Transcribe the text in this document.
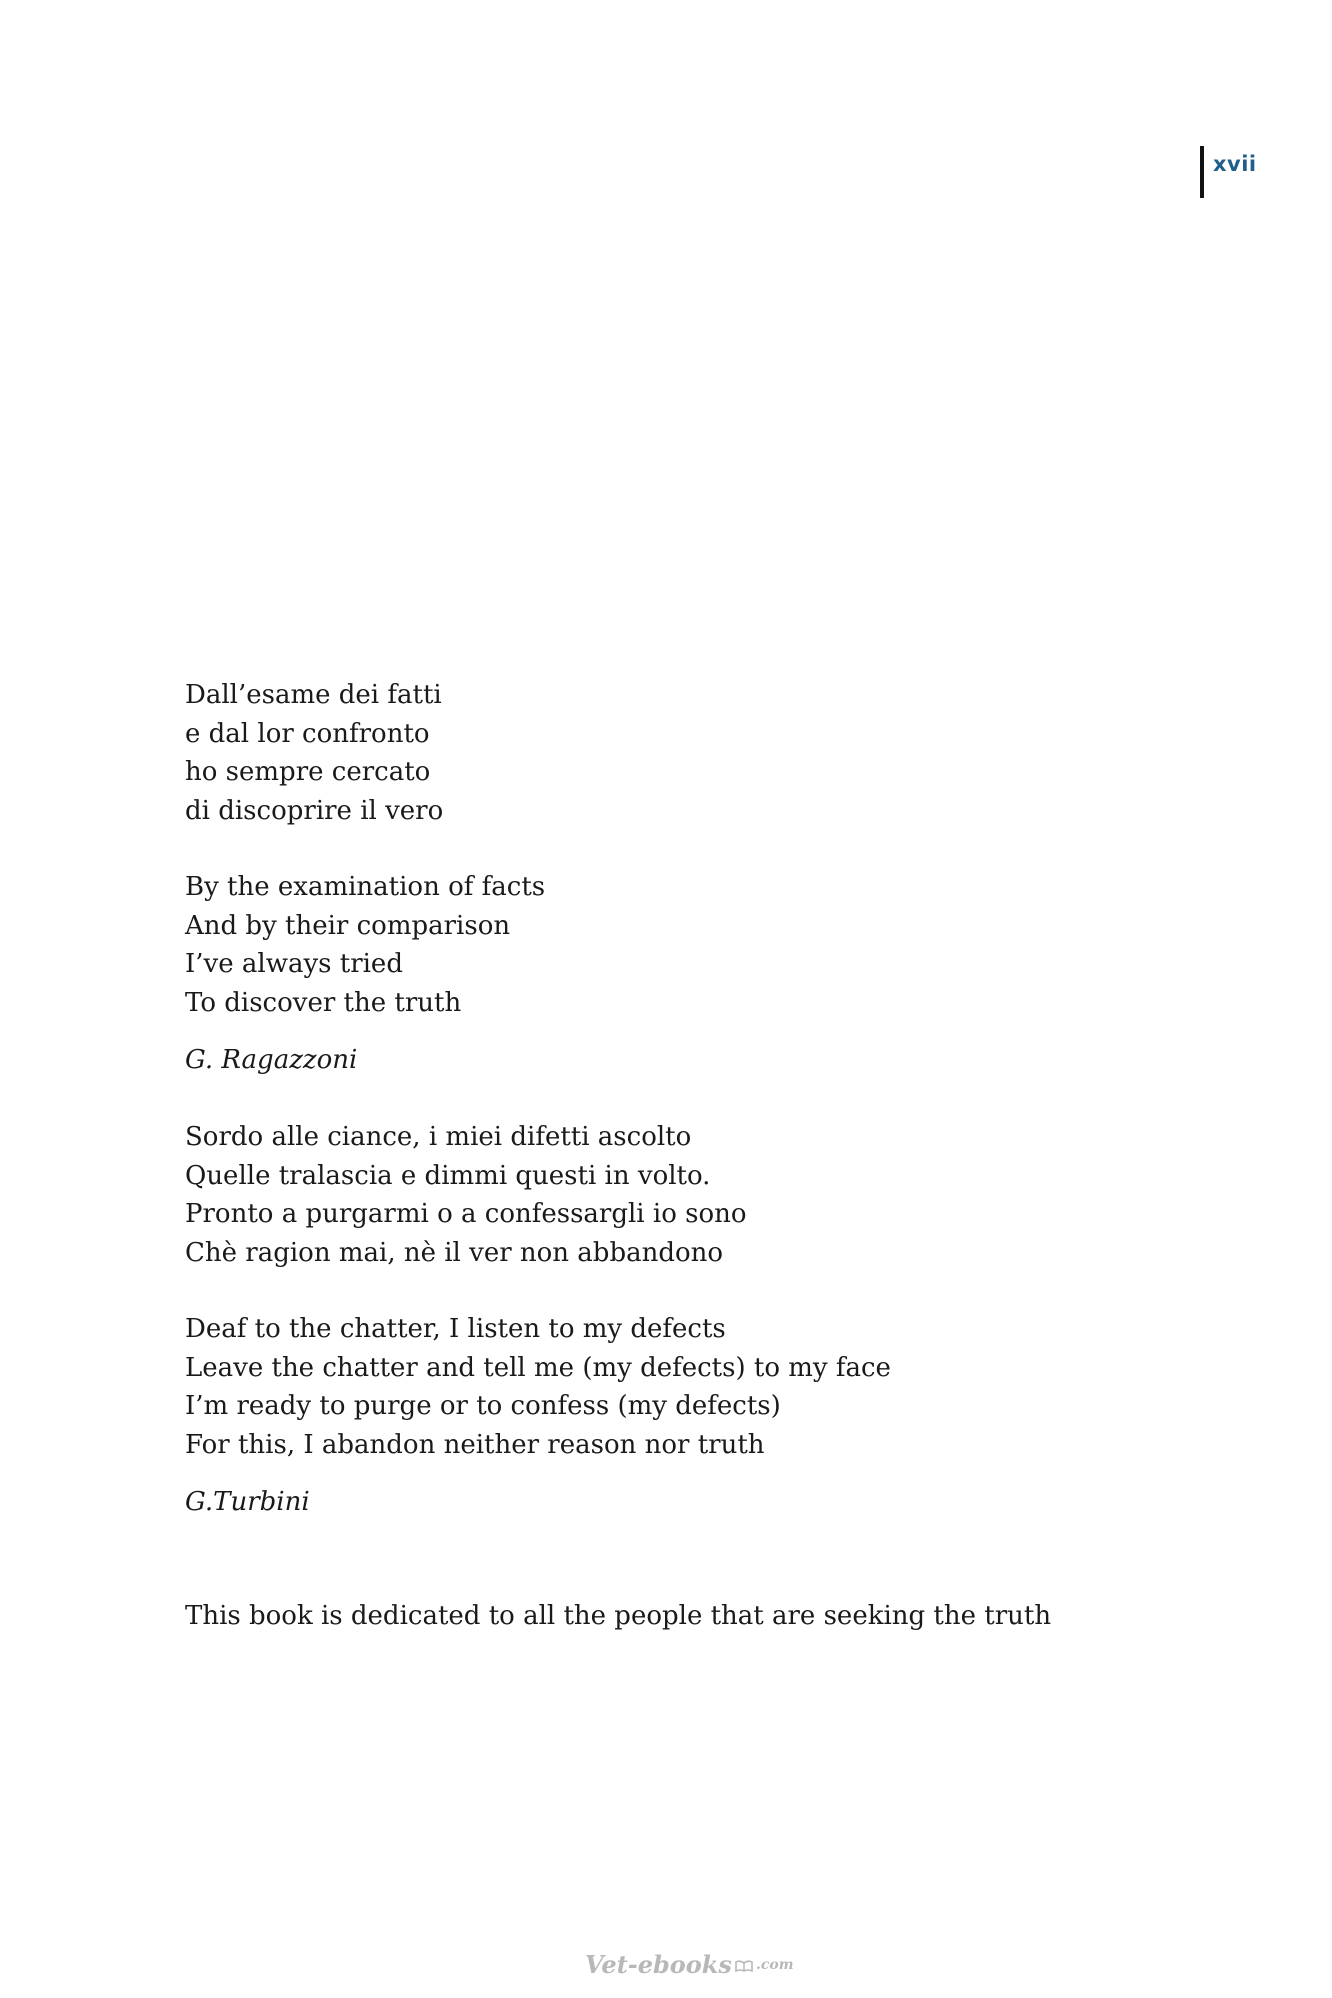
xvii
Dall’esame dei fatti
e dal lor confronto
ho sempre cercato
di discoprire il vero
By the examination of facts
And by their comparison
I’ve always tried
To discover the truth
G. Ragazzoni
Sordo alle ciance, i miei difetti ascolto
Quelle tralascia e dimmi questi in volto.
Pronto a purgarmi o a confessargli io sono
Chè ragion mai, nè il ver non abbandono
Deaf to the chatter, I listen to my defects
Leave the chatter and tell me (my defects) to my face
I’m ready to purge or to confess (my defects)
For this, I abandon neither reason nor truth
G.Turbini
This book is dedicated to all the people that are seeking the truth
Vet-ebooks .com
